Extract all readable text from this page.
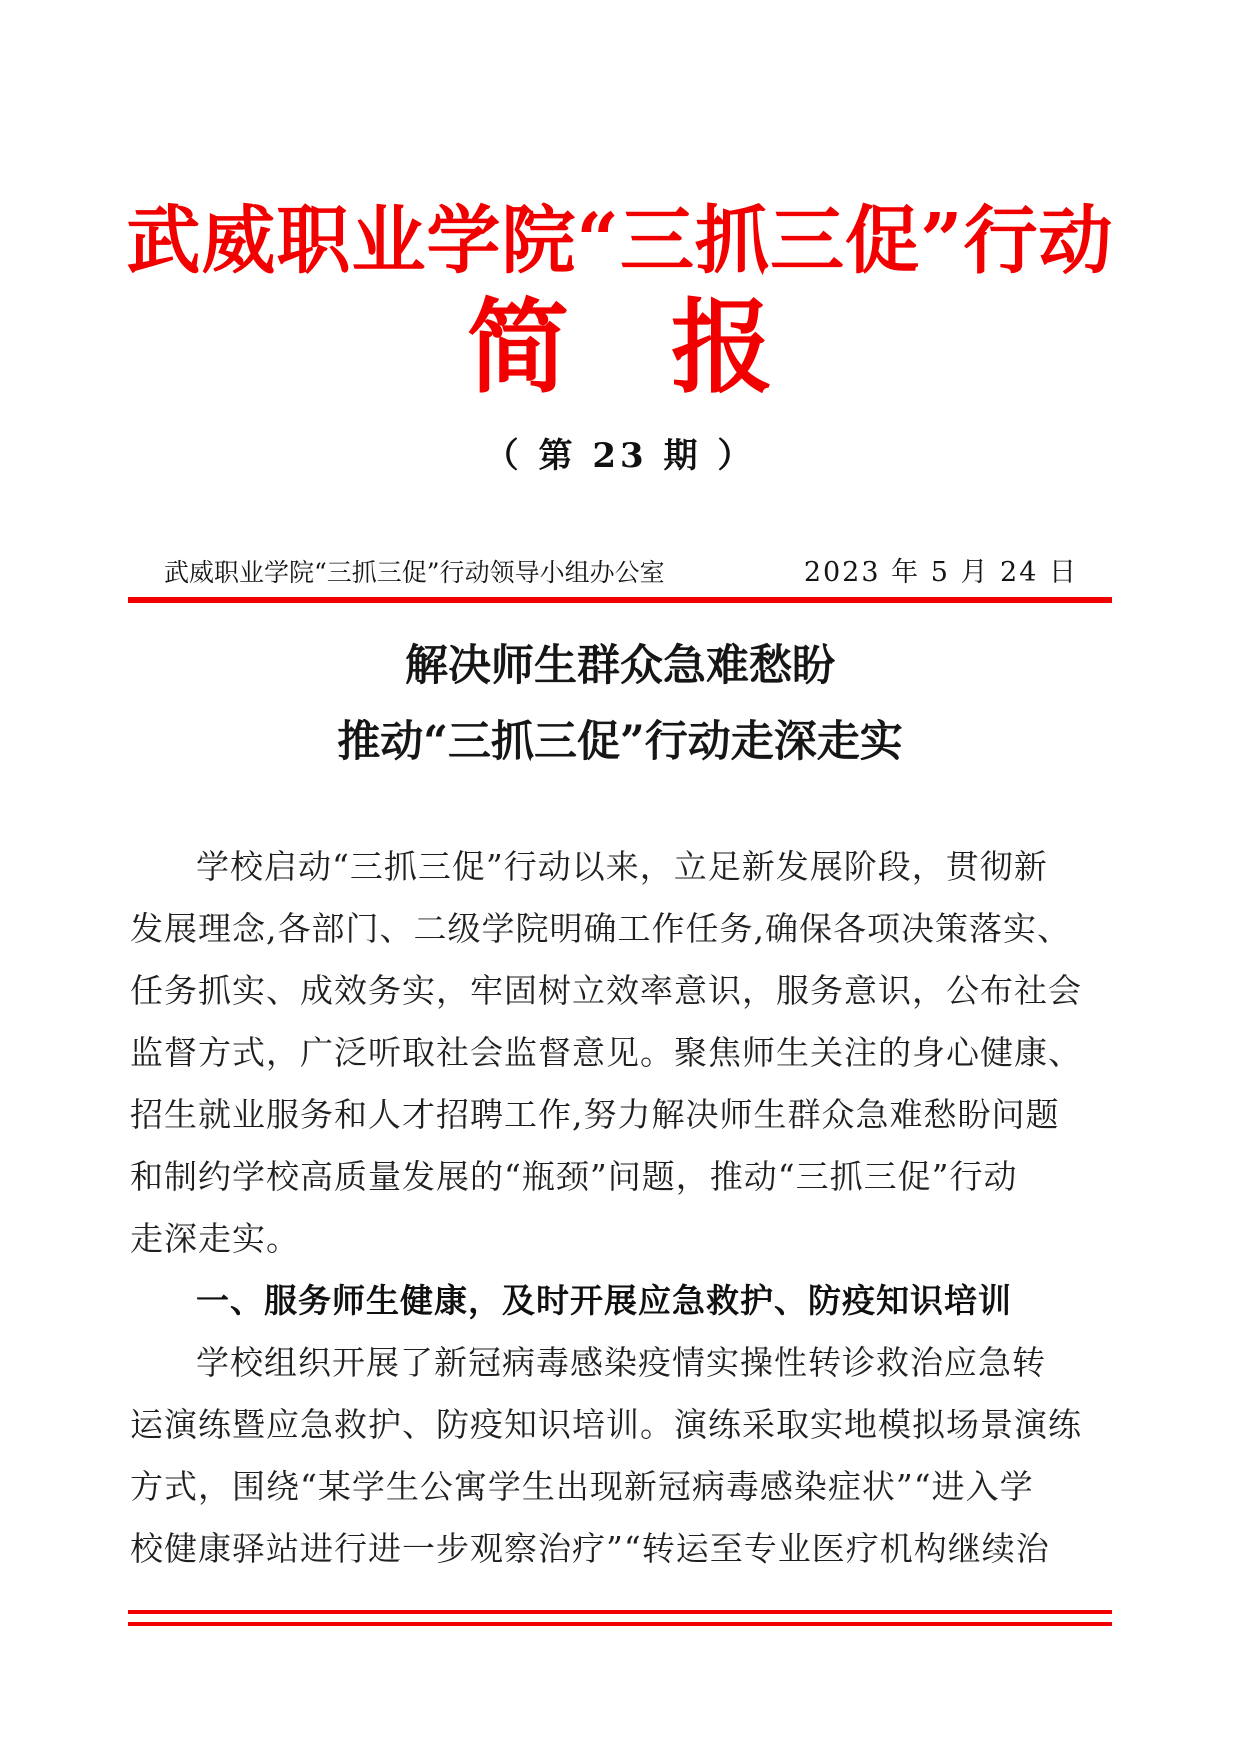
武威职业学院“三抓三促”行动
简　报
（ 第 23 期 ）
武威职业学院“三抓三促”行动领导小组办公室	2023 年 5 月 24 日
解决师生群众急难愁盼
推动“三抓三促”行动走深走实
学校启动“三抓三促”行动以来，立足新发展阶段，贯彻新
发展理念,各部门、二级学院明确工作任务,确保各项决策落实、
任务抓实、成效务实，牢固树立效率意识，服务意识，公布社会
监督方式，广泛听取社会监督意见。聚焦师生关注的身心健康、
招生就业服务和人才招聘工作,努力解决师生群众急难愁盼问题
和制约学校高质量发展的“瓶颈”问题，推动“三抓三促”行动
走深走实。
一、服务师生健康，及时开展应急救护、防疫知识培训
学校组织开展了新冠病毒感染疫情实操性转诊救治应急转
运演练暨应急救护、防疫知识培训。演练采取实地模拟场景演练
方式，围绕“某学生公寓学生出现新冠病毒感染症状”“进入学
校健康驿站进行进一步观察治疗”“转运至专业医疗机构继续治
